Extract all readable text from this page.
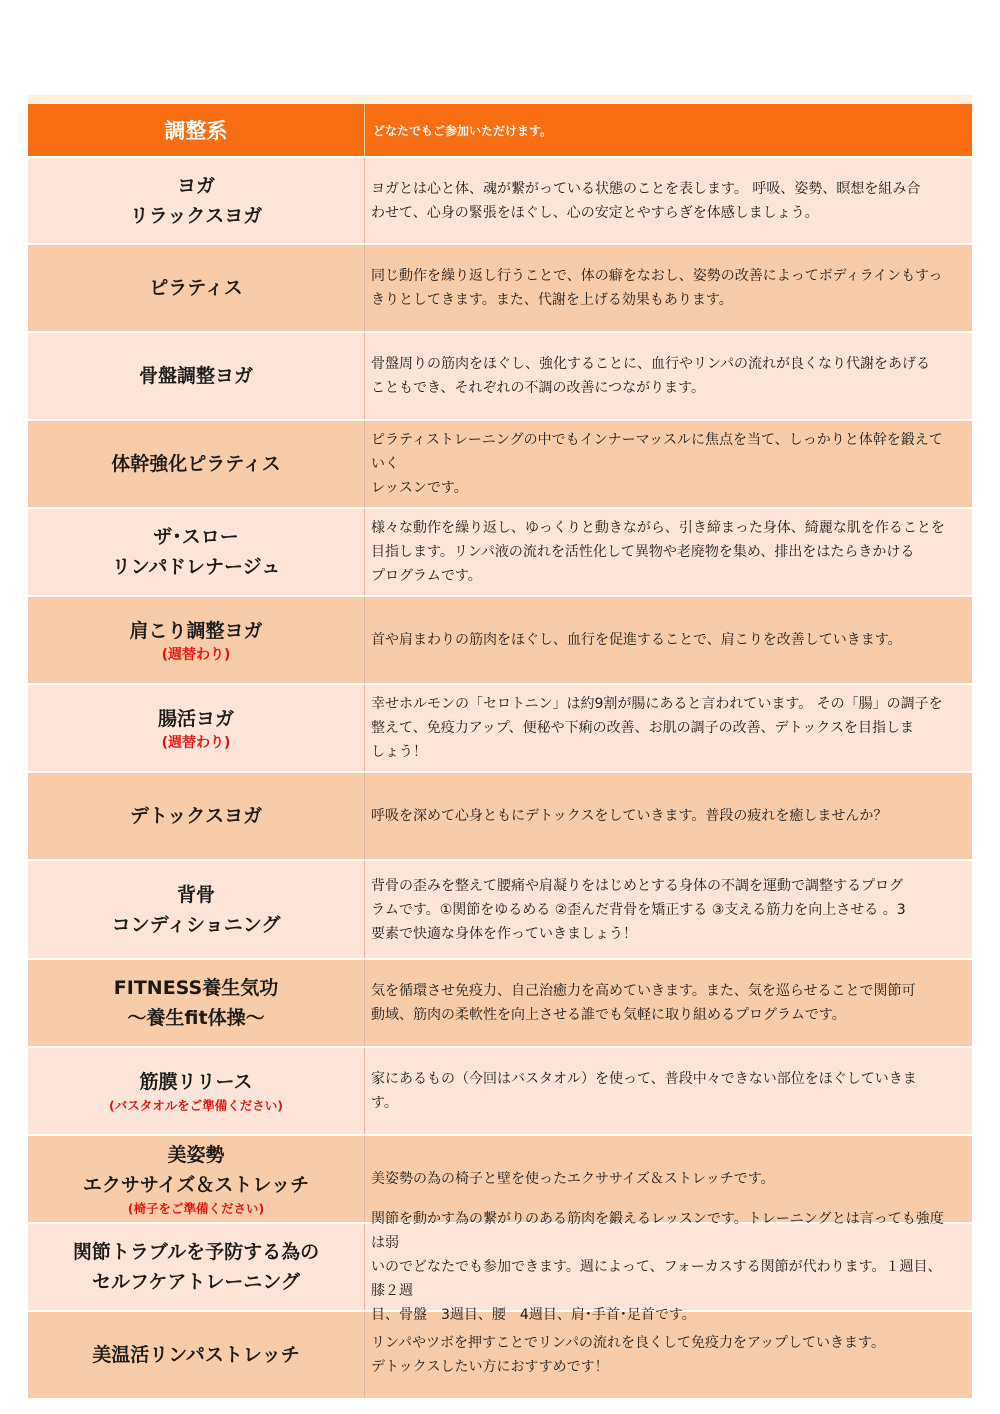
調整系	どなたでもご参加いただけます。
ヨガ
リラックスヨガ
ヨガとは心と体、魂が繋がっている状態のことを表します。 呼吸、姿勢、瞑想を組み合
わせて、心身の緊張をほぐし、心の安定とやすらぎを体感しましょう。
ピラティス
同じ動作を繰り返し行うことで、体の癖をなおし、姿勢の改善によってボディラインもすっ
きりとしてきます。また、代謝を上げる効果もあります。
骨盤調整ヨガ
骨盤周りの筋肉をほぐし、強化することに、血行やリンパの流れが良くなり代謝をあげる
こともでき、それぞれの不調の改善につながります。
体幹強化ピラティス
ピラティストレーニングの中でもインナーマッスルに焦点を当て、しっかりと体幹を鍛えていく
レッスンです。
ザ･スロー
リンパドレナージュ
様々な動作を繰り返し、ゆっくりと動きながら、引き締まった身体、綺麗な肌を作ることを
目指します。リンパ液の流れを活性化して異物や老廃物を集め、排出をはたらきかける
プログラムです。
肩こり調整ヨガ
(週替わり)
首や肩まわりの筋肉をほぐし、血行を促進することで、肩こりを改善していきます。
腸活ヨガ
(週替わり)
幸せホルモンの「セロトニン」は約9割が腸にあると言われています。 その「腸」の調子を
整えて、免疫力アップ、便秘や下痢の改善、お肌の調子の改善、デトックスを目指しま
しょう！
デトックスヨガ	呼吸を深めて心身ともにデトックスをしていきます。普段の疲れを癒しませんか？
背骨
コンディショニング
背骨の歪みを整えて腰痛や肩凝りをはじめとする身体の不調を運動で調整するプログ
ラムです。①関節をゆるめる ②歪んだ背骨を矯正する ③支える筋力を向上させる 。3
要素で快適な身体を作っていきましょう！
FITNESS養生気功
～養生fit体操～
気を循環させ免疫力、自己治癒力を高めていきます。また、気を巡らせることで関節可
動域、筋肉の柔軟性を向上させる誰でも気軽に取り組めるプログラムです。
筋膜リリース
(バスタオルをご準備ください)
家にあるもの（今回はバスタオル）を使って、普段中々できない部位をほぐしていきま
す。
美姿勢
エクササイズ＆ストレッチ
(椅子をご準備ください)
美姿勢の為の椅子と壁を使ったエクササイズ＆ストレッチです。
関節トラブルを予防する為の
セルフケアトレーニング
は弱
いのでどなたでも参加できます。週によって、フォーカスする関節が代わります。１週目、膝２週

美温活リンパストレッチ
リンパやツボを押すことでリンパの流れを良くして免疫力をアップしていきます。
デトックスしたい方におすすめです！
